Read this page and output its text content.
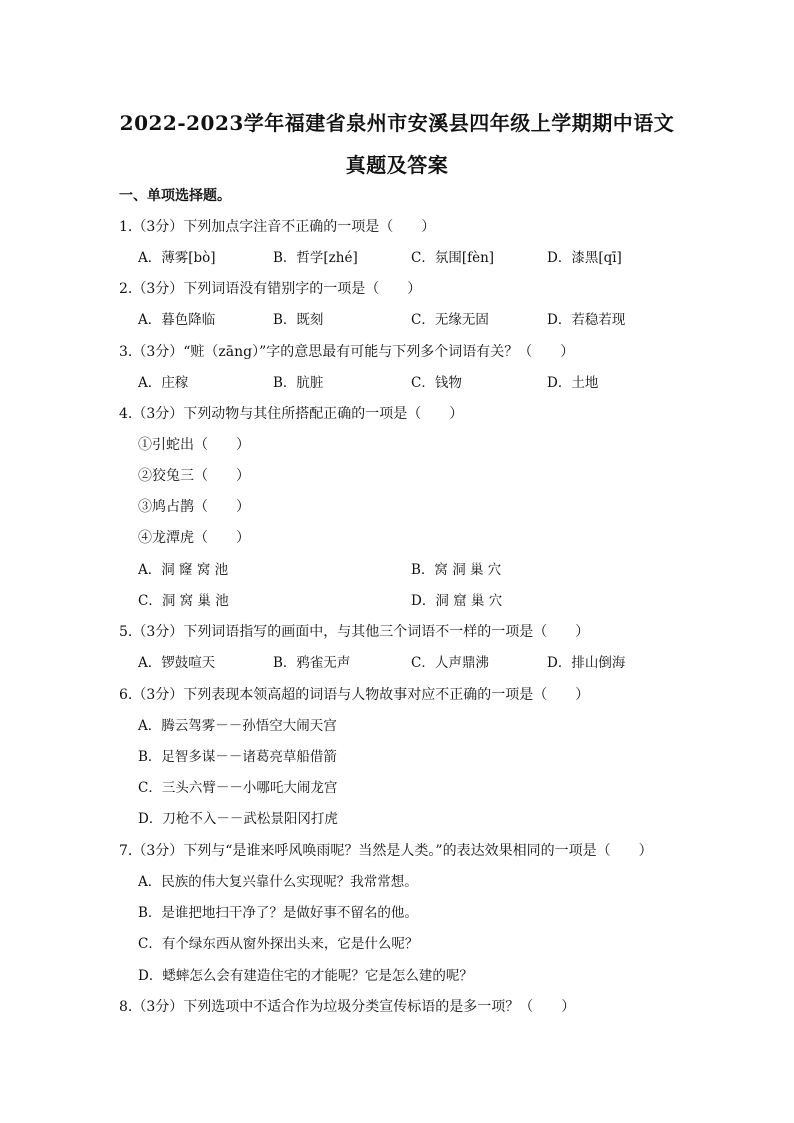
2022-2023学年福建省泉州市安溪县四年级上学期期中语文
真题及答案
一、单项选择题。
1.（3分）下列加点字注音不正确的一项是（　　）
A．薄雾[bò]	B．哲学[zhé]	C．氛围[fèn]	D．漆黑[qī]
2.（3分）下列词语没有错别字的一项是（　　）
A．暮色降临	B．既刻	C．无缘无固	D．若稳若现
3.（3分）“赃（zāng）”字的意思最有可能与下列多个词语有关？（　　）
A．庄稼	B．肮脏	C．钱物	D．土地
4.（3分）下列动物与其住所搭配正确的一项是（　　）
①引蛇出（　　）
②狡兔三（　　）
③鸠占鹊（　　）
④龙潭虎（　　）
A．洞 窿 窝 池	B．窝 洞 巢 穴
C．洞 窝 巢 池	D．洞 窟 巢 穴
5.（3分）下列词语指写的画面中，与其他三个词语不一样的一项是（　　）
A．锣鼓喧天	B．鸦雀无声	C．人声鼎沸	D．排山倒海
6.（3分）下列表现本领高超的词语与人物故事对应不正确的一项是（　　）
A．腾云驾雾－－孙悟空大闹天宫
B．足智多谋－－诸葛亮草船借箭
C．三头六臂－－小哪吒大闹龙宫
D．刀枪不入－－武松景阳冈打虎
7.（3分）下列与“是谁来呼风唤雨呢？当然是人类。”的表达效果相同的一项是（　　）
A．民族的伟大复兴靠什么实现呢？我常常想。
B．是谁把地扫干净了？是做好事不留名的他。
C．有个绿东西从窗外探出头来，它是什么呢？
D．蟋蟀怎么会有建造住宅的才能呢？它是怎么建的呢？
8.（3分）下列选项中不适合作为垃圾分类宣传标语的是多一项？（　　）
